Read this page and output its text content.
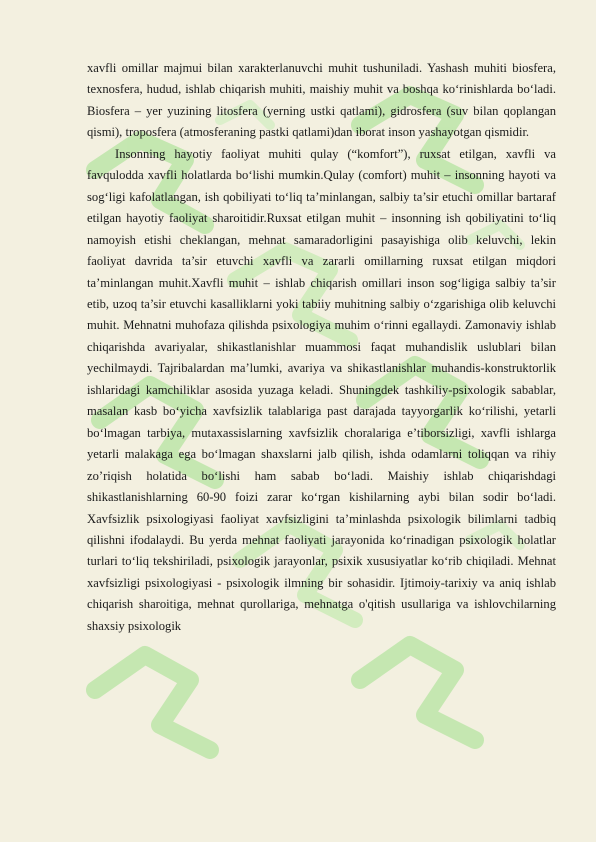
xavfli omillar majmui bilan xarakterlanuvchi muhit tushuniladi. Yashash muhiti biosfera, texnosfera, hudud, ishlab chiqarish muhiti, maishiy muhit va boshqa ko‘rinishlarda bo‘ladi. Biosfera – yer yuzining litosfera (yerning ustki qatlami), gidrosfera (suv bilan qoplangan qismi), troposfera (atmosferaning pastki qatlami)dan iborat inson yashayotgan qismidir.

Insonning hayotiy faoliyat muhiti qulay (“komfort”), ruxsat etilgan, xavfli va favqulodda xavfli holatlarda bo‘lishi mumkin.Qulay (comfort) muhit – insonning hayoti va sog‘ligi kafolatlangan, ish qobiliyati to‘liq ta’minlangan, salbiy ta’sir etuchi omillar bartaraf etilgan hayotiy faoliyat sharoitidir.Ruxsat etilgan muhit – insonning ish qobiliyatini to‘liq namoyish etishi cheklangan, mehnat samaradorligini pasayishiga olib keluvchi, lekin faoliyat davrida ta’sir etuvchi xavfli va zararli omillarning ruxsat etilgan miqdori ta’minlangan muhit.Xavfli muhit – ishlab chiqarish omillari inson sog‘ligiga salbiy ta’sir etib, uzoq ta’sir etuvchi kasalliklarni yoki tabiiy muhitning salbiy o‘zgarishiga olib keluvchi muhit. Mehnatni muhofaza qilishda psixologiya muhim o‘rinni egallaydi. Zamonaviy ishlab chiqarishda avariyalar, shikastlanishlar muammosi faqat muhandislik uslublari bilan yechilmaydi. Tajribalardan ma’lumki, avariya va shikastlanishlar muhandis-konstruktorlik ishlaridagi kamchiliklar asosida yuzaga keladi. Shuningdek tashkiliy-psixologik sabablar, masalan kasb bo‘yicha xavfsizlik talablariga past darajada tayyorgarlik ko‘rilishi, yetarli bo‘lmagan tarbiya, mutaxassislarning xavfsizlik choralariga e’tiborsizligi, xavfli ishlarga yetarli malakaga ega bo‘lmagan shaxslarni jalb qilish, ishda odamlarni toliqqan va rihiy zo’riqish holatida bo‘lishi ham sabab bo‘ladi. Maishiy ishlab chiqarishdagi shikastlanishlarning 60-90 foizi zarar ko‘rgan kishilarning aybi bilan sodir bo‘ladi. Xavfsizlik psixologiyasi faoliyat xavfsizligini ta’minlashda psixologik bilimlarni tadbiq qilishni ifodalaydi. Bu yerda mehnat faoliyati jarayonida ko‘rinadigan psixologik holatlar turlari to‘liq tekshiriladi, psixologik jarayonlar, psixik xususiyatlar ko‘rib chiqiladi. Mehnat xavfsizligi psixologiyasi - psixologik ilmning bir sohasidir. Ijtimoiy-tarixiy va aniq ishlab chiqarish sharoitiga, mehnat qurollariga, mehnatga o'qitish usullariga va ishlovchilarning shaxsiy psixologik
